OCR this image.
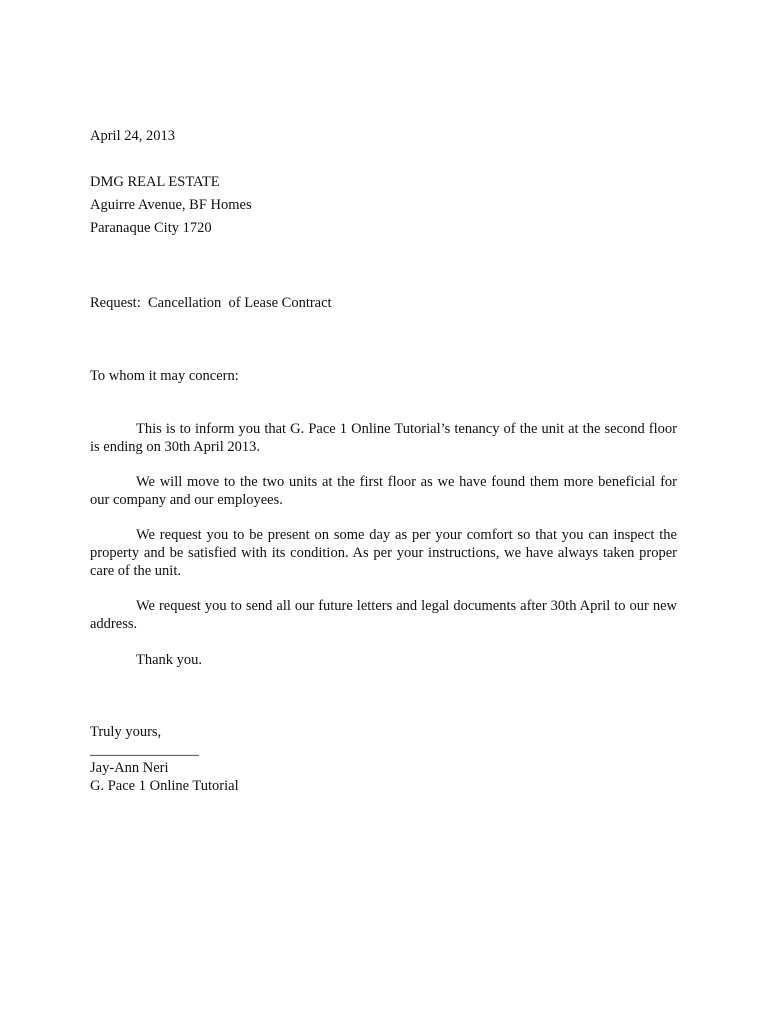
April 24, 2013
DMG REAL ESTATE
Aguirre Avenue, BF Homes
Paranaque City 1720
Request:  Cancellation  of Lease Contract
To whom it may concern:
This is to inform you that G. Pace 1 Online Tutorial’s tenancy of the unit at the second floor is ending on 30th April 2013.
We will move to the two units at the first floor as we have found them more beneficial for our company and our employees.
We request you to be present on some day as per your comfort so that you can inspect the property and be satisfied with its condition. As per your instructions, we have always taken proper care of the unit.
We request you to send all our future letters and legal documents after 30th April to our new address.
Thank you.
Truly yours,
_______________
Jay-Ann Neri
G. Pace 1 Online Tutorial
